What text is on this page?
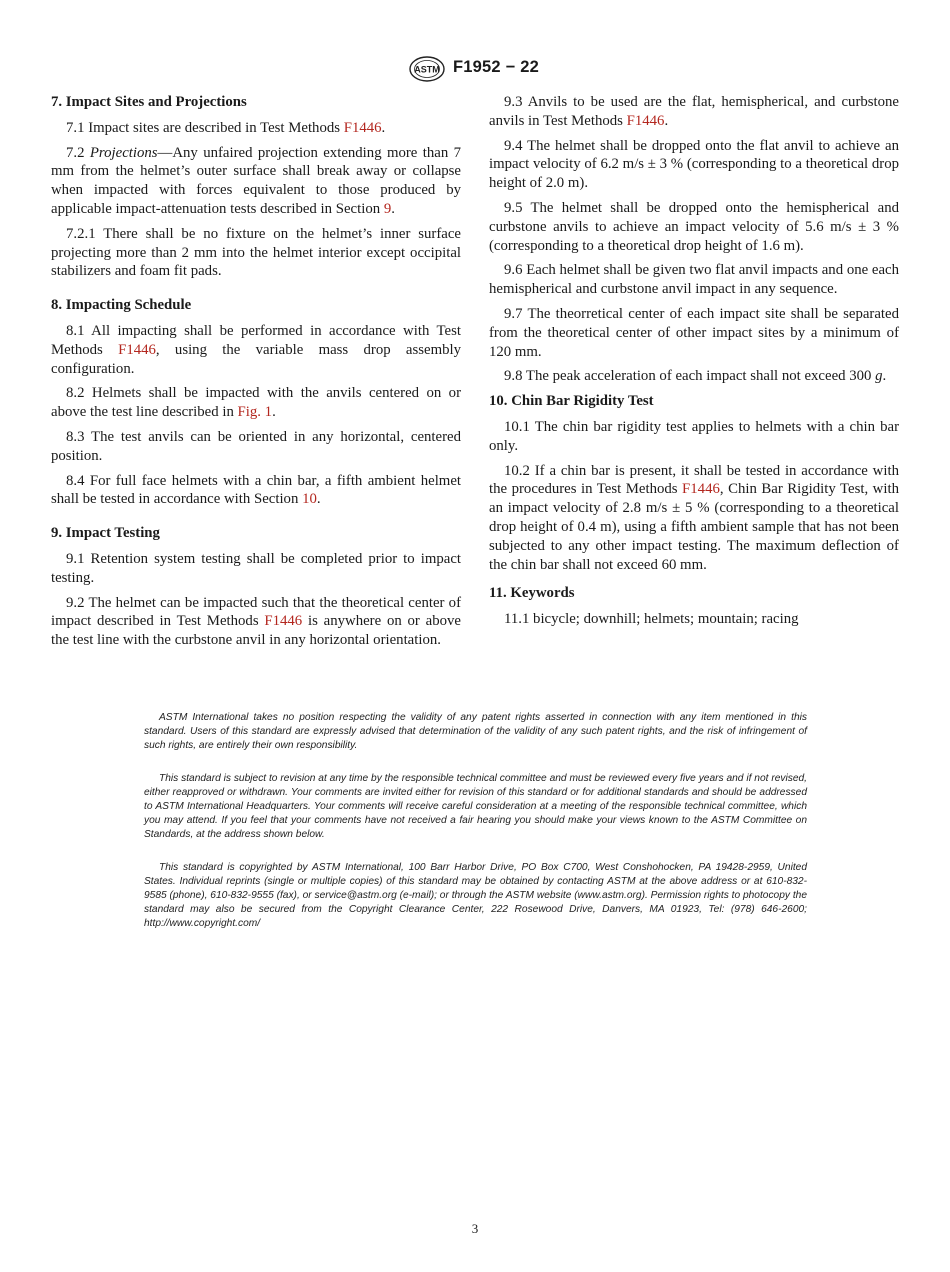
ASTM F1952 − 22
7. Impact Sites and Projections

7.1 Impact sites are described in Test Methods F1446.

7.2 Projections—Any unfaired projection extending more than 7 mm from the helmet’s outer surface shall break away or collapse when impacted with forces equivalent to those produced by applicable impact-attenuation tests described in Section 9.

7.2.1 There shall be no fixture on the helmet’s inner surface projecting more than 2 mm into the helmet interior except occipital stabilizers and foam fit pads.

8. Impacting Schedule

8.1 All impacting shall be performed in accordance with Test Methods F1446, using the variable mass drop assembly configuration.

8.2 Helmets shall be impacted with the anvils centered on or above the test line described in Fig. 1.

8.3 The test anvils can be oriented in any horizontal, centered position.

8.4 For full face helmets with a chin bar, a fifth ambient helmet shall be tested in accordance with Section 10.

9. Impact Testing

9.1 Retention system testing shall be completed prior to impact testing.

9.2 The helmet can be impacted such that the theoretical center of impact described in Test Methods F1446 is anywhere on or above the test line with the curbstone anvil in any horizontal orientation.

9.3 Anvils to be used are the flat, hemispherical, and curbstone anvils in Test Methods F1446.

9.4 The helmet shall be dropped onto the flat anvil to achieve an impact velocity of 6.2 m/s ± 3 % (corresponding to a theoretical drop height of 2.0 m).

9.5 The helmet shall be dropped onto the hemispherical and curbstone anvils to achieve an impact velocity of 5.6 m/s ± 3 % (corresponding to a theoretical drop height of 1.6 m).

9.6 Each helmet shall be given two flat anvil impacts and one each hemispherical and curbstone anvil impact in any sequence.

9.7 The theorretical center of each impact site shall be separated from the theoretical center of other impact sites by a minimum of 120 mm.

9.8 The peak acceleration of each impact shall not exceed 300 g.

10. Chin Bar Rigidity Test

10.1 The chin bar rigidity test applies to helmets with a chin bar only.

10.2 If a chin bar is present, it shall be tested in accordance with the procedures in Test Methods F1446, Chin Bar Rigidity Test, with an impact velocity of 2.8 m/s ± 5 % (corresponding to a theoretical drop height of 0.4 m), using a fifth ambient sample that has not been subjected to any other impact testing. The maximum deflection of the chin bar shall not exceed 60 mm.

11. Keywords

11.1 bicycle; downhill; helmets; mountain; racing

ASTM International takes no position respecting the validity of any patent rights asserted in connection with any item mentioned in this standard. Users of this standard are expressly advised that determination of the validity of any such patent rights, and the risk of infringement of such rights, are entirely their own responsibility.

This standard is subject to revision at any time by the responsible technical committee and must be reviewed every five years and if not revised, either reapproved or withdrawn. Your comments are invited either for revision of this standard or for additional standards and should be addressed to ASTM International Headquarters. Your comments will receive careful consideration at a meeting of the responsible technical committee, which you may attend. If you feel that your comments have not received a fair hearing you should make your views known to the ASTM Committee on Standards, at the address shown below.

This standard is copyrighted by ASTM International, 100 Barr Harbor Drive, PO Box C700, West Conshohocken, PA 19428-2959, United States. Individual reprints (single or multiple copies) of this standard may be obtained by contacting ASTM at the above address or at 610-832-9585 (phone), 610-832-9555 (fax), or service@astm.org (e-mail); or through the ASTM website (www.astm.org). Permission rights to photocopy the standard may also be secured from the Copyright Clearance Center, 222 Rosewood Drive, Danvers, MA 01923, Tel: (978) 646-2600; http://www.copyright.com/

3
